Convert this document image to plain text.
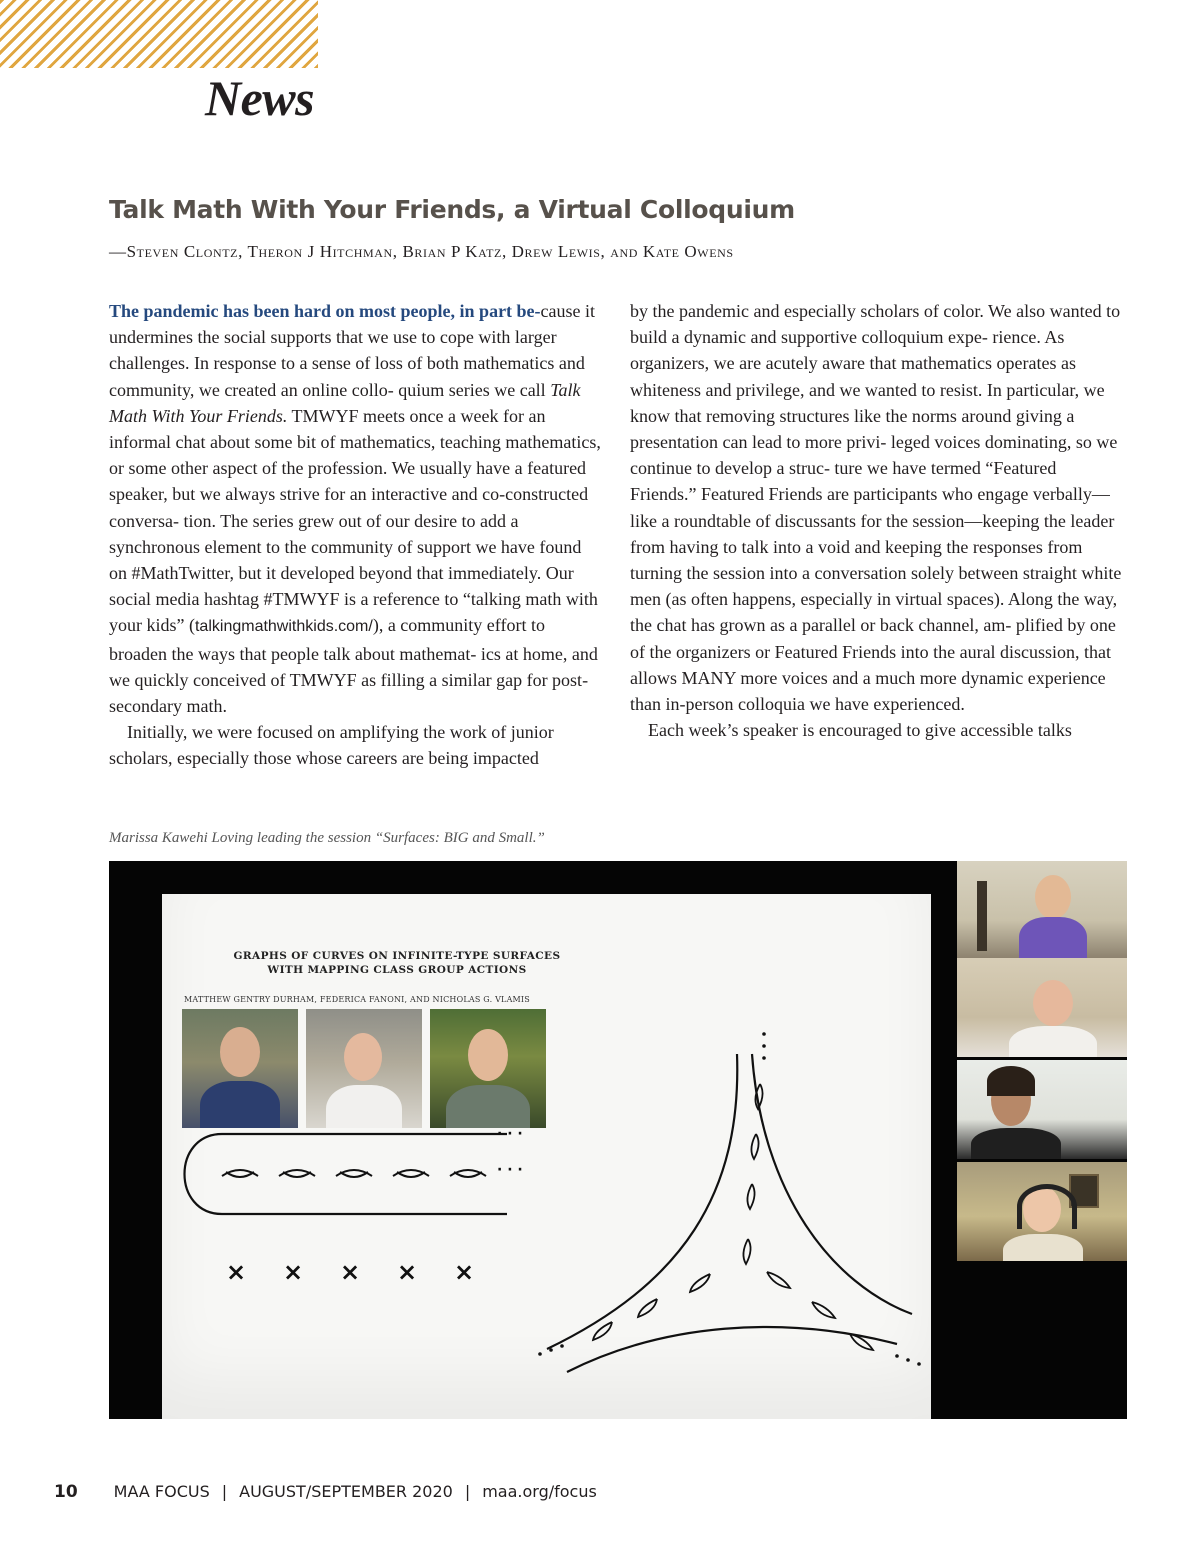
News
Talk Math With Your Friends, a Virtual Colloquium
—Steven Clontz, Theron J Hitchman, Brian P Katz, Drew Lewis, and Kate Owens

The pandemic has been hard on most people, in part be-cause it undermines the social supports that we use to cope with larger challenges. In response to a sense of loss of both mathematics and community, we created an online collo- quium series we call Talk Math With Your Friends. TMWYF meets once a week for an informal chat about some bit of mathematics, teaching mathematics, or some other aspect of the profession. We usually have a featured speaker, but we always strive for an interactive and co-constructed conversa- tion. The series grew out of our desire to add a synchronous element to the community of support we have found on #MathTwitter, but it developed beyond that immediately. Our social media hashtag #TMWYF is a reference to “talking math with your kids” (talkingmathwithkids.com/), a community effort to broaden the ways that people talk about mathemat- ics at home, and we quickly conceived of TMWYF as filling a similar gap for post-secondary math.

Initially, we were focused on amplifying the work of junior scholars, especially those whose careers are being impacted

by the pandemic and especially scholars of color. We also wanted to build a dynamic and supportive colloquium expe- rience. As organizers, we are acutely aware that mathematics operates as whiteness and privilege, and we wanted to resist. In particular, we know that removing structures like the norms around giving a presentation can lead to more privi- leged voices dominating, so we continue to develop a struc- ture we have termed “Featured Friends.” Featured Friends are participants who engage verbally—like a roundtable of discussants for the session—keeping the leader from having to talk into a void and keeping the responses from turning the session into a conversation solely between straight white men (as often happens, especially in virtual spaces). Along the way, the chat has grown as a parallel or back channel, am- plified by one of the organizers or Featured Friends into the aural discussion, that allows MANY more voices and a much more dynamic experience than in-person colloquia we have experienced.

Each week’s speaker is encouraged to give accessible talks

Marissa Kawehi Loving leading the session “Surfaces: BIG and Small.”
GRAPHS OF CURVES ON INFINITE-TYPE SURFACES
WITH MAPPING CLASS GROUP ACTIONS
MATTHEW GENTRY DURHAM, FEDERICA FANONI, AND NICHOLAS G. VLAMIS
× × × × ×
· · ·
· · ·
10 MAA FOCUS | AUGUST/SEPTEMBER 2020 | maa.org/focus
